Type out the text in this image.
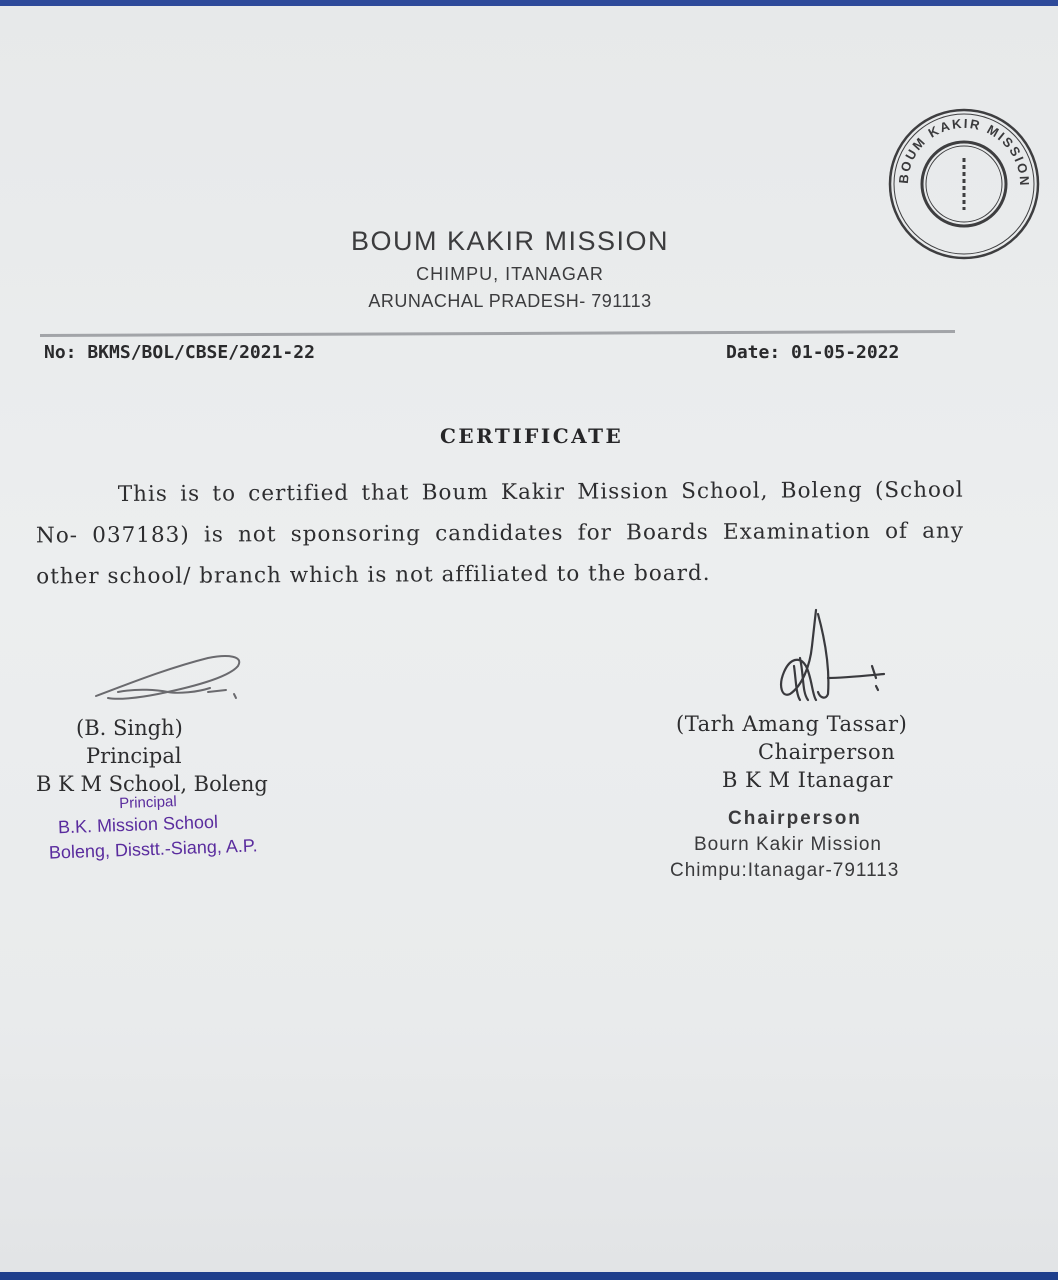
BOUM KAKIR MISSION
BOUM KAKIR MISSION
CHIMPU, ITANAGAR
ARUNACHAL PRADESH- 791113
No: BKMS/BOL/CBSE/2021-22	Date: 01-05-2022
CERTIFICATE
This is to certified that Boum Kakir Mission School, Boleng (School No- 037183) is not sponsoring candidates for Boards Examination of any other school/ branch which is not affiliated to the board.
(B. Singh)
Principal
B K M School, Boleng
Principal
B.K. Mission School
Boleng, Disstt.-Siang, A.P.
(Tarh Amang Tassar)
Chairperson
B K M Itanagar
Chairperson
Bourn Kakir Mission
Chimpu:Itanagar-791113
